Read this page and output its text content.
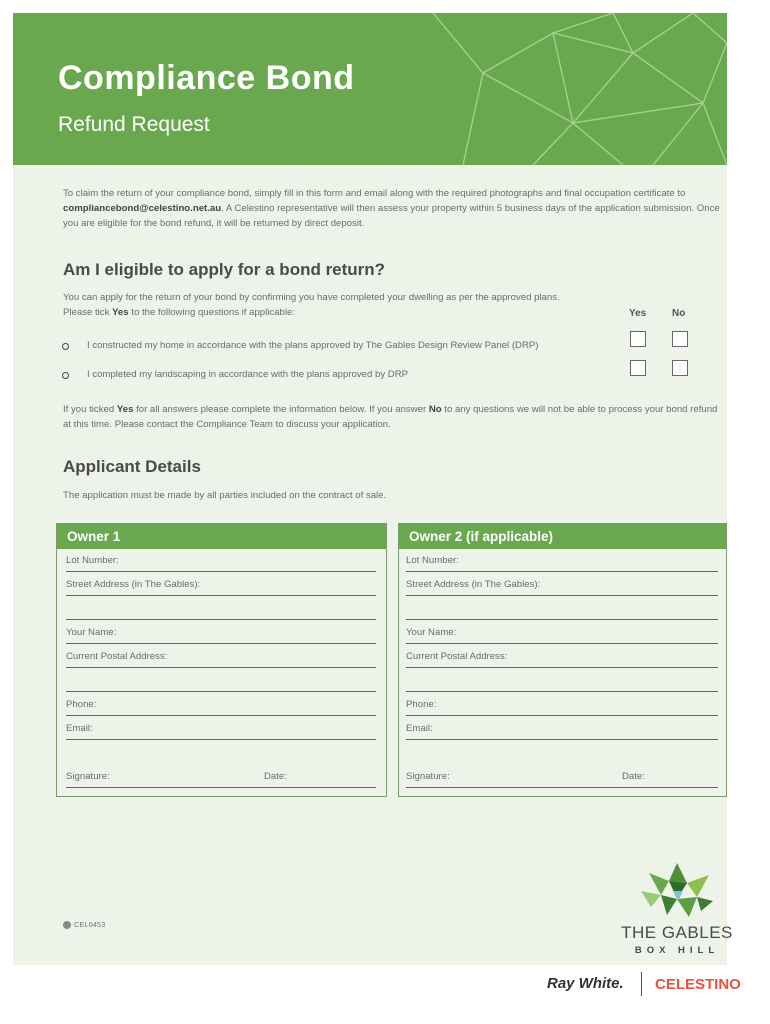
Compliance Bond
Refund Request
To claim the return of your compliance bond, simply fill in this form and email along with the required photographs and final occupation certificate to compliancebond@celestino.net.au. A Celestino representative will then assess your property within 5 business days of the application submission. Once you are eligible for the bond refund, it will be returned by direct deposit.
Am I eligible to apply for a bond return?
You can apply for the return of your bond by confirming you have completed your dwelling as per the approved plans. Please tick Yes to the following questions if applicable:	Yes	No
I constructed my home in accordance with the plans approved by The Gables Design Review Panel (DRP)
I completed my landscaping in accordance with the plans approved by DRP
If you ticked Yes for all answers please complete the information below. If you answer No to any questions we will not be able to process your bond refund at this time. Please contact the Compliance Team to discuss your application.
Applicant Details
The application must be made by all parties included on the contract of sale.
Owner 1
Lot Number:
Street Address (in The Gables):
Your Name:
Current Postal Address:
Phone:
Email:
Signature:	Date:
Owner 2 (if applicable)
Lot Number:
Street Address (in The Gables):
Your Name:
Current Postal Address:
Phone:
Email:
Signature:	Date:
CEL0453	THE GABLES
BOX HILL
Ray White. CELESTINO
